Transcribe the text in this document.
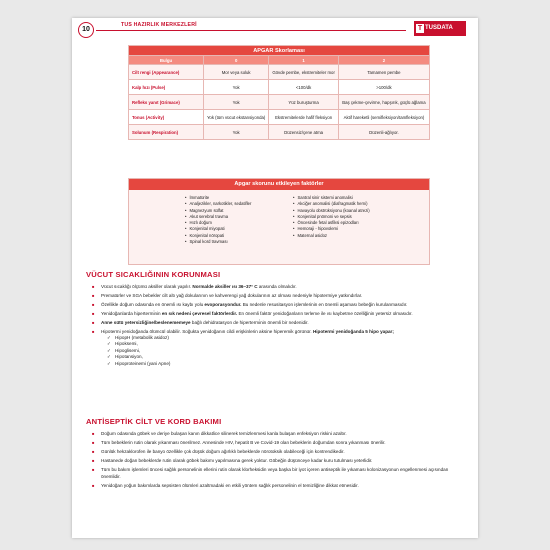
10
TUS HAZIRLIK MERKEZLERİ	T TUSDATA
APGAR Skorlaması			
Bulgu	0	1	2
Cilt rengi (Appearance)	Mor veya soluk	Gövde pembe, ekstremiteler mor	Tamamen pembe
Kalp hızı (Pulse)	Yok	<100/dk	>100/dk
Refleks yanıt (Grimace)	Yok	Yüz buruşturma	Baş çekme-çevirme, hapşırık, güçlü ağlama
Tonus (Activity)	Yok (tüm vücut ekstansiyonda)	Ekstremitelerde hafif fleksiyon	Aktif hareketli (semifleksiyon/tamfleksiyon)
Solunum (Respiration)	Yok	Düzensiz/çene atma	Düzenli-ağlıyor.
Apgar skorunu etkileyen faktörler
• İmmatürite
• Analjezikler, narkotikler, sedatifler
• Magnezyum sülfat
• Akut serebral travma
• Hızlı doğum
• Konjenital miyopati
• Konjenital nöropati
• Spinal kord travması
• Santral sinir sistemi anomalisi
• Akciğer anomalisi (diafragmatik herni)
• Havayolu obstrüksiyonu (koanal atrezi)
• Konjenital pnömoni ve sepsis
• Öncesinde fetal asfiksi epizodları
• Hemoraji - hipovolemi
• Maternal asidoz
VÜCUT SICAKLIĞININ KORUNMASI
■ Vücut sıcaklığı ölçümü aksiller olarak yapılır. Normalde aksiller ısı 36–37° C arasında olmalıdır.
■ Prematürler ve SGA bebekler cilt altı yağ dokularının ve kahverengi yağ dokularının az olması nedeniyle hipotermiye yatkındırlar.
■ Özellikle doğum odasında en önemli ısı kaybı yolu evoporasyondur. Bu nedenle resusitasyon işlemlerinin en önemli aşaması bebeğin kurulanmasıdır.
■ Yenidoğanlarda hipertermi̇nin en sık nedeni çevresel faktörlerdir. En önemli faktör yenidoğanların terleme ile ısı kaybetme özelliğinin yetersiz olmasıdır.
■ Anne sütü yetersizliğine/beslenememeye bağlı dehidratasyon de hipertermi̇nin önemli bir nedenidir.
■ Hipotermi yenidoğanda ölümcül olabilir. Soğukta yenidoğanın cildi erişkinlerin aksine hiperemik görünür. Hipotermi yenidoğanda 5 hipo yapar;
✓ HipopH (metabolik asidoz)
✓ Hipoksemi,
✓ Hipoglisemi,
✓ Hipotansiyon,
✓ Hipoproteinemi (yani Apne)
ANTİSEPTİK CİLT VE KORD BAKIMI
■ Doğum odasında göbek ve deriye bulaşan kanın dikkatlice silinerek temizlenmesi kanla bulaşan enfeksiyon riskini azaltır.
■ Tüm bebeklerin rutin olarak yıkanması önerilmez. Annesinde HIV, hepatit B ve Covid-19 olan bebeklerin doğumdan sonra yıkanması önerilir.
■ Günlük hekzaklorofen ile banyo özellikle çok düşük doğum ağırlıklı bebeklerde nörotoksik olabileceği için kontrendikedir.
■ Hastanede doğan bebeklerde rutin olarak göbek bakımı yapılmasına gerek yoktur. Göbeğin düşünceye kadar kuru tutulması yeterlidir.
■ Tüm bu bakım işlemleri öncesi sağlık personelinin ellerini rutin olarak klorheksidin veya başka bir iyot içeren antiseptik ile yıkaması kolonizasyonun engellenmesi açısından önemlidir.
■ Yenidoğan yoğun bakımlarda sepsisten ölümleri azaltmadaki en etkili yöntem sağlık personelinin el temizliğine dikkat etmesidir.
